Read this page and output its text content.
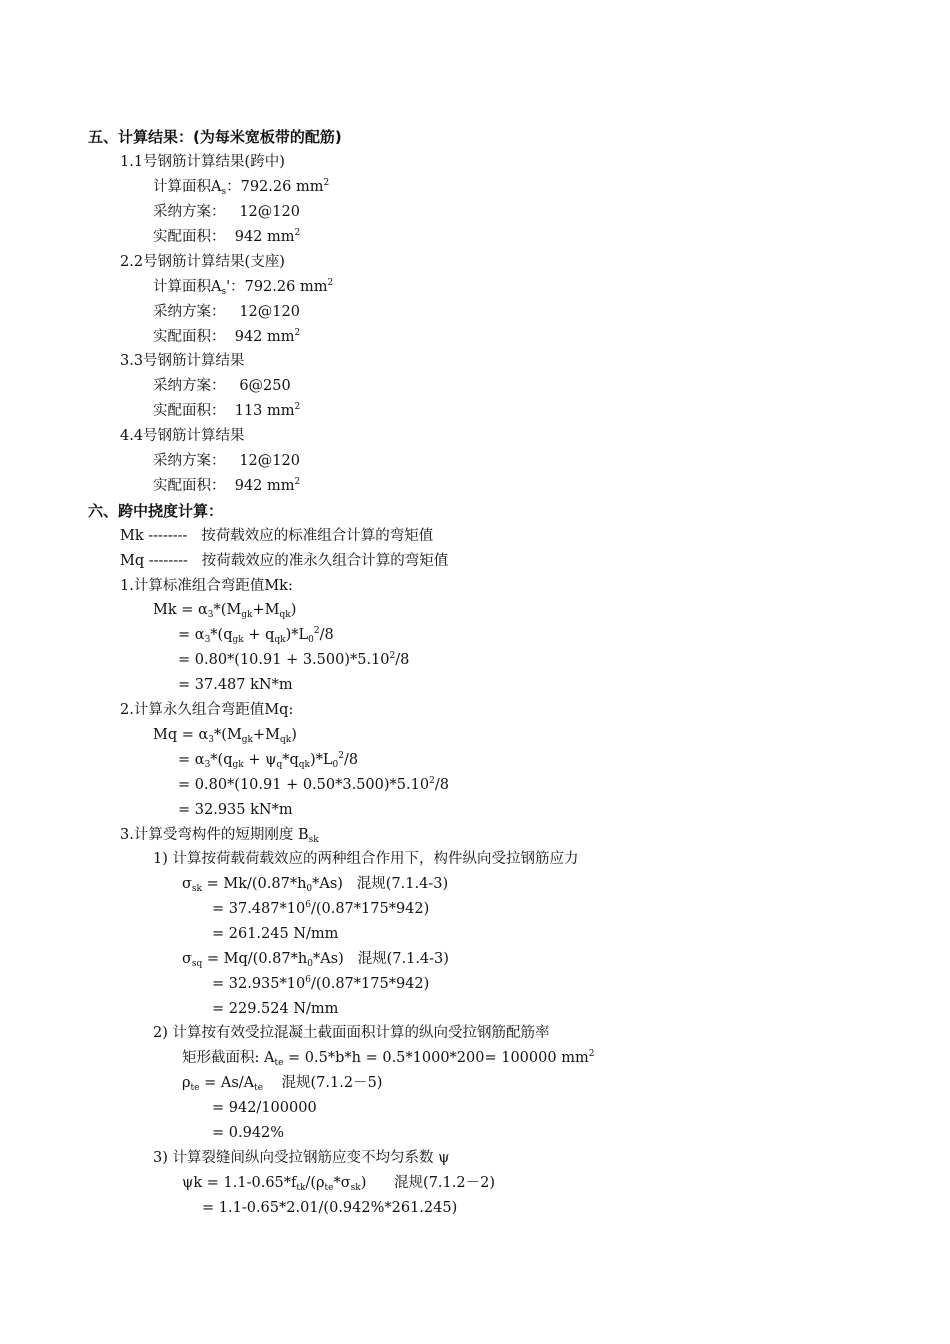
五、计算结果：(为每米宽板带的配筋)
1.1号钢筋计算结果(跨中)
计算面积$A_s$：792.26 $mm^2$
采纳方案：   12@120
实配面积：  942 $mm^2$
2.2号钢筋计算结果(支座)
计算面积$A_s'$：792.26 $mm^2$
采纳方案：   12@120
实配面积：  942 $mm^2$
3.3号钢筋计算结果
采纳方案：   6@250
实配面积：  113 $mm^2$
4.4号钢筋计算结果
采纳方案：   12@120
实配面积：  942 $mm^2$
六、跨中挠度计算：
Mk --------   按荷载效应的标准组合计算的弯矩值
Mq --------   按荷载效应的准永久组合计算的弯矩值
1.计算标准组合弯距值Mk:
$Mk = \alpha_3*(M_{gk}+M_{qk})$
= $\alpha_3*(q_{gk} + q_{qk})*L_0^2/8$
= $0.80*(10.91 + 3.500)*5.10^2/8$
= 37.487 kN*m
2.计算永久组合弯距值Mq:
$Mq = \alpha_3*(M_{gk}+M_{qk})$
= $\alpha_3*(q_{gk} + \psi_q*q_{qk})*L_0^2/8$
= $0.80*(10.91 + 0.50*3.500)*5.10^2/8$
= 32.935 kN*m
3.计算受弯构件的短期刚度 $B_{sk}$
1) 计算按荷载荷载效应的两种组合作用下，构件纵向受拉钢筋应力
$\sigma_{sk} = Mk/(0.87*h_0*As)$   混规(7.1.4-3)
= $37.487*10^6/(0.87*175*942)$
= 261.245 N/mm
$\sigma_{sq} = Mq/(0.87*h_0*As)$   混规(7.1.4-3)
= $32.935*10^6/(0.87*175*942)$
= 229.524 N/mm
2) 计算按有效受拉混凝土截面面积计算的纵向受拉钢筋配筋率
矩形截面积: $A_{te} = 0.5*b*h = 0.5*1000*200= 100000$ $mm^2$
$\rho_{te} = As/A_{te}$    混规(7.1.2－5)
= 942/100000
= 0.942%
3) 计算裂缝间纵向受拉钢筋应变不均匀系数 ψ
$\psi k = 1.1-0.65*f_{tk}/(\rho_{te}*\sigma_{sk})$      混规(7.1.2－2)
= 1.1-0.65*2.01/(0.942%*261.245)
